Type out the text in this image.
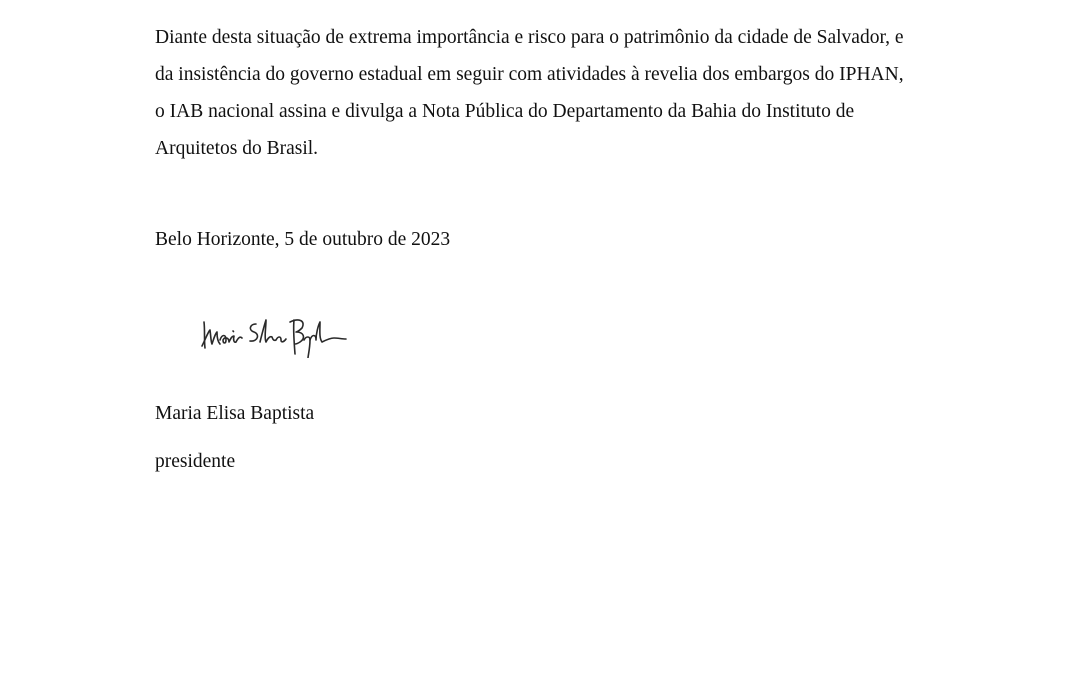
Diante desta situação de extrema importância e risco para o patrimônio da cidade de Salvador, e
da insistência do governo estadual em seguir com atividades à revelia dos embargos do IPHAN,
o IAB nacional assina e divulga a Nota Pública do Departamento da Bahia do Instituto de
Arquitetos do Brasil.

Belo Horizonte, 5 de outubro de 2023

Maria Elisa Baptista

presidente
